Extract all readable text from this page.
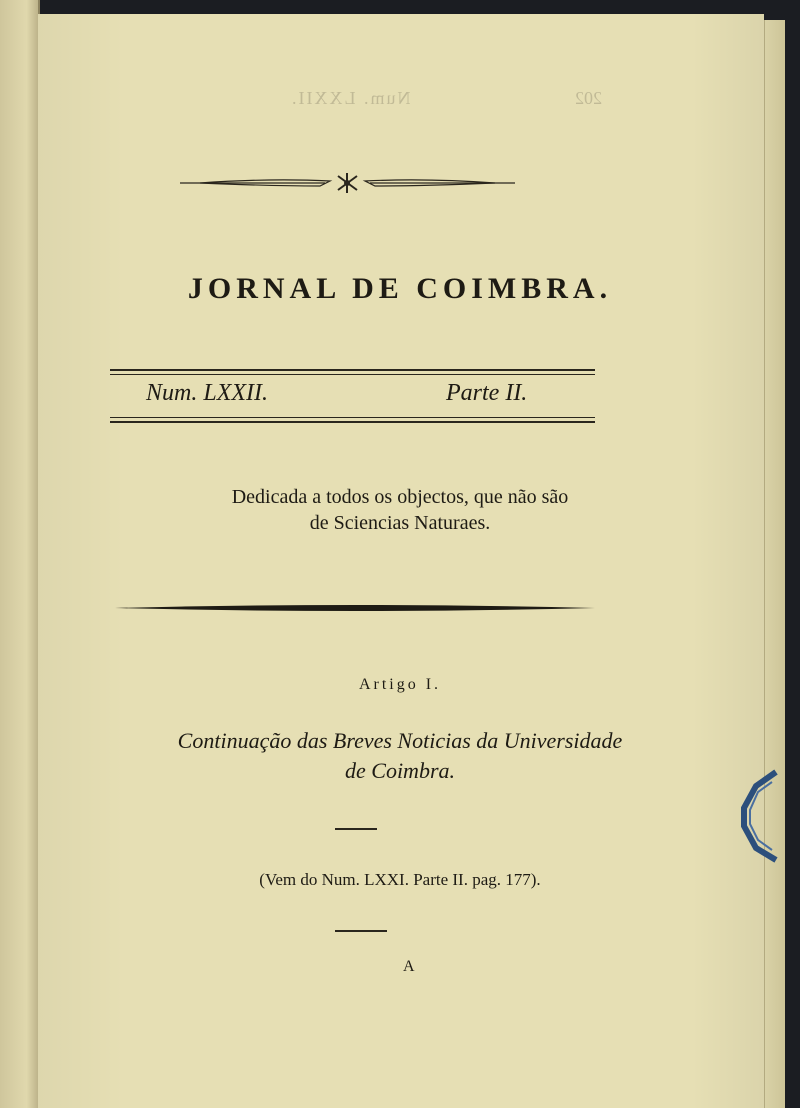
Num. LXXII.	202
JORNAL DE COIMBRA.
Num. LXXII.	Parte II.
Dedicada a todos os objectos, que não são
de Sciencias Naturaes.
Artigo I.
Continuação das Breves Noticias da Universidade
de Coimbra.
(Vem do Num. LXXI. Parte II. pag. 177).
A
